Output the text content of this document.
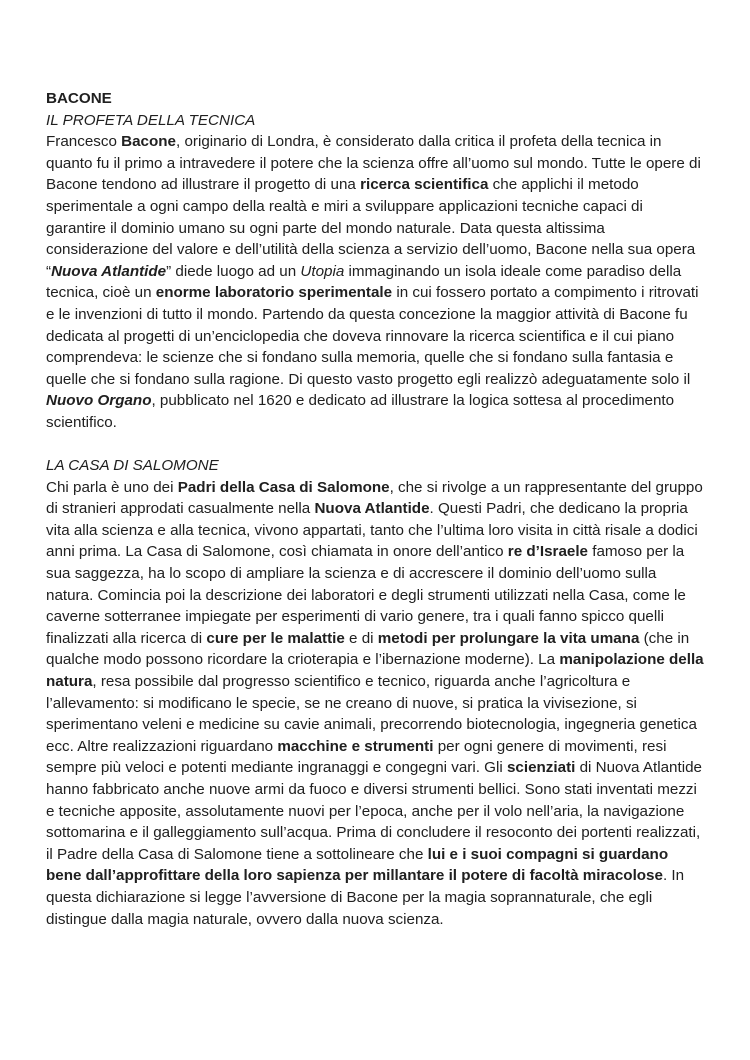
BACONE
IL PROFETA DELLA TECNICA

Francesco Bacone, originario di Londra, è considerato dalla critica il profeta della tecnica in quanto fu il primo a intravedere il potere che la scienza offre all’uomo sul mondo. Tutte le opere di Bacone tendono ad illustrare il progetto di una ricerca scientifica che applichi il metodo sperimentale a ogni campo della realtà e miri a sviluppare applicazioni tecniche capaci di garantire il dominio umano su ogni parte del mondo naturale. Data questa altissima considerazione del valore e dell’utilità della scienza a servizio dell’uomo, Bacone nella sua opera “Nuova Atlantide” diede luogo ad un Utopia immaginando un isola ideale come paradiso della tecnica, cioè un enorme laboratorio sperimentale in cui fossero portato a compimento i ritrovati e le invenzioni di tutto il mondo. Partendo da questa concezione la maggior attività di Bacone fu dedicata al progetti di un’enciclopedia che doveva rinnovare la ricerca scientifica e il cui piano comprendeva: le scienze che si fondano sulla memoria, quelle che si fondano sulla fantasia e quelle che si fondano sulla ragione. Di questo vasto progetto egli realizzò adeguatamente solo il Nuovo Organo, pubblicato nel 1620 e dedicato ad illustrare la logica sottesa al procedimento scientifico.

LA CASA DI SALOMONE

Chi parla è uno dei Padri della Casa di Salomone, che si rivolge a un rappresentante del gruppo di stranieri approdati casualmente nella Nuova Atlantide. Questi Padri, che dedicano la propria vita alla scienza e alla tecnica, vivono appartati, tanto che l’ultima loro visita in città risale a dodici anni prima. La Casa di Salomone, così chiamata in onore dell’antico re d’Israele famoso per la sua saggezza, ha lo scopo di ampliare la scienza e di accrescere il dominio dell’uomo sulla natura. Comincia poi la descrizione dei laboratori e degli strumenti utilizzati nella Casa, come le caverne sotterranee impiegate per esperimenti di vario genere, tra i quali fanno spicco quelli finalizzati alla ricerca di cure per le malattie e di metodi per prolungare la vita umana (che in qualche modo possono ricordare la crioterapia e l’ibernazione moderne). La manipolazione della natura, resa possibile dal progresso scientifico e tecnico, riguarda anche l’agricoltura e l’allevamento: si modificano le specie, se ne creano di nuove, si pratica la vivisezione, si sperimentano veleni e medicine su cavie animali, precorrendo biotecnologia, ingegneria genetica ecc. Altre realizzazioni riguardano macchine e strumenti per ogni genere di movimenti, resi sempre più veloci e potenti mediante ingranaggi e congegni vari. Gli scienziati di Nuova Atlantide hanno fabbricato anche nuove armi da fuoco e diversi strumenti bellici. Sono stati inventati mezzi e tecniche apposite, assolutamente nuovi per l’epoca, anche per il volo nell’aria, la navigazione sottomarina e il galleggiamento sull’acqua. Prima di concludere il resoconto dei portenti realizzati, il Padre della Casa di Salomone tiene a sottolineare che lui e i suoi compagni si guardano bene dall’approfittare della loro sapienza per millantare il potere di facoltà miracolose. In questa dichiarazione si legge l’avversione di Bacone per la magia soprannaturale, che egli distingue dalla magia naturale, ovvero dalla nuova scienza.
